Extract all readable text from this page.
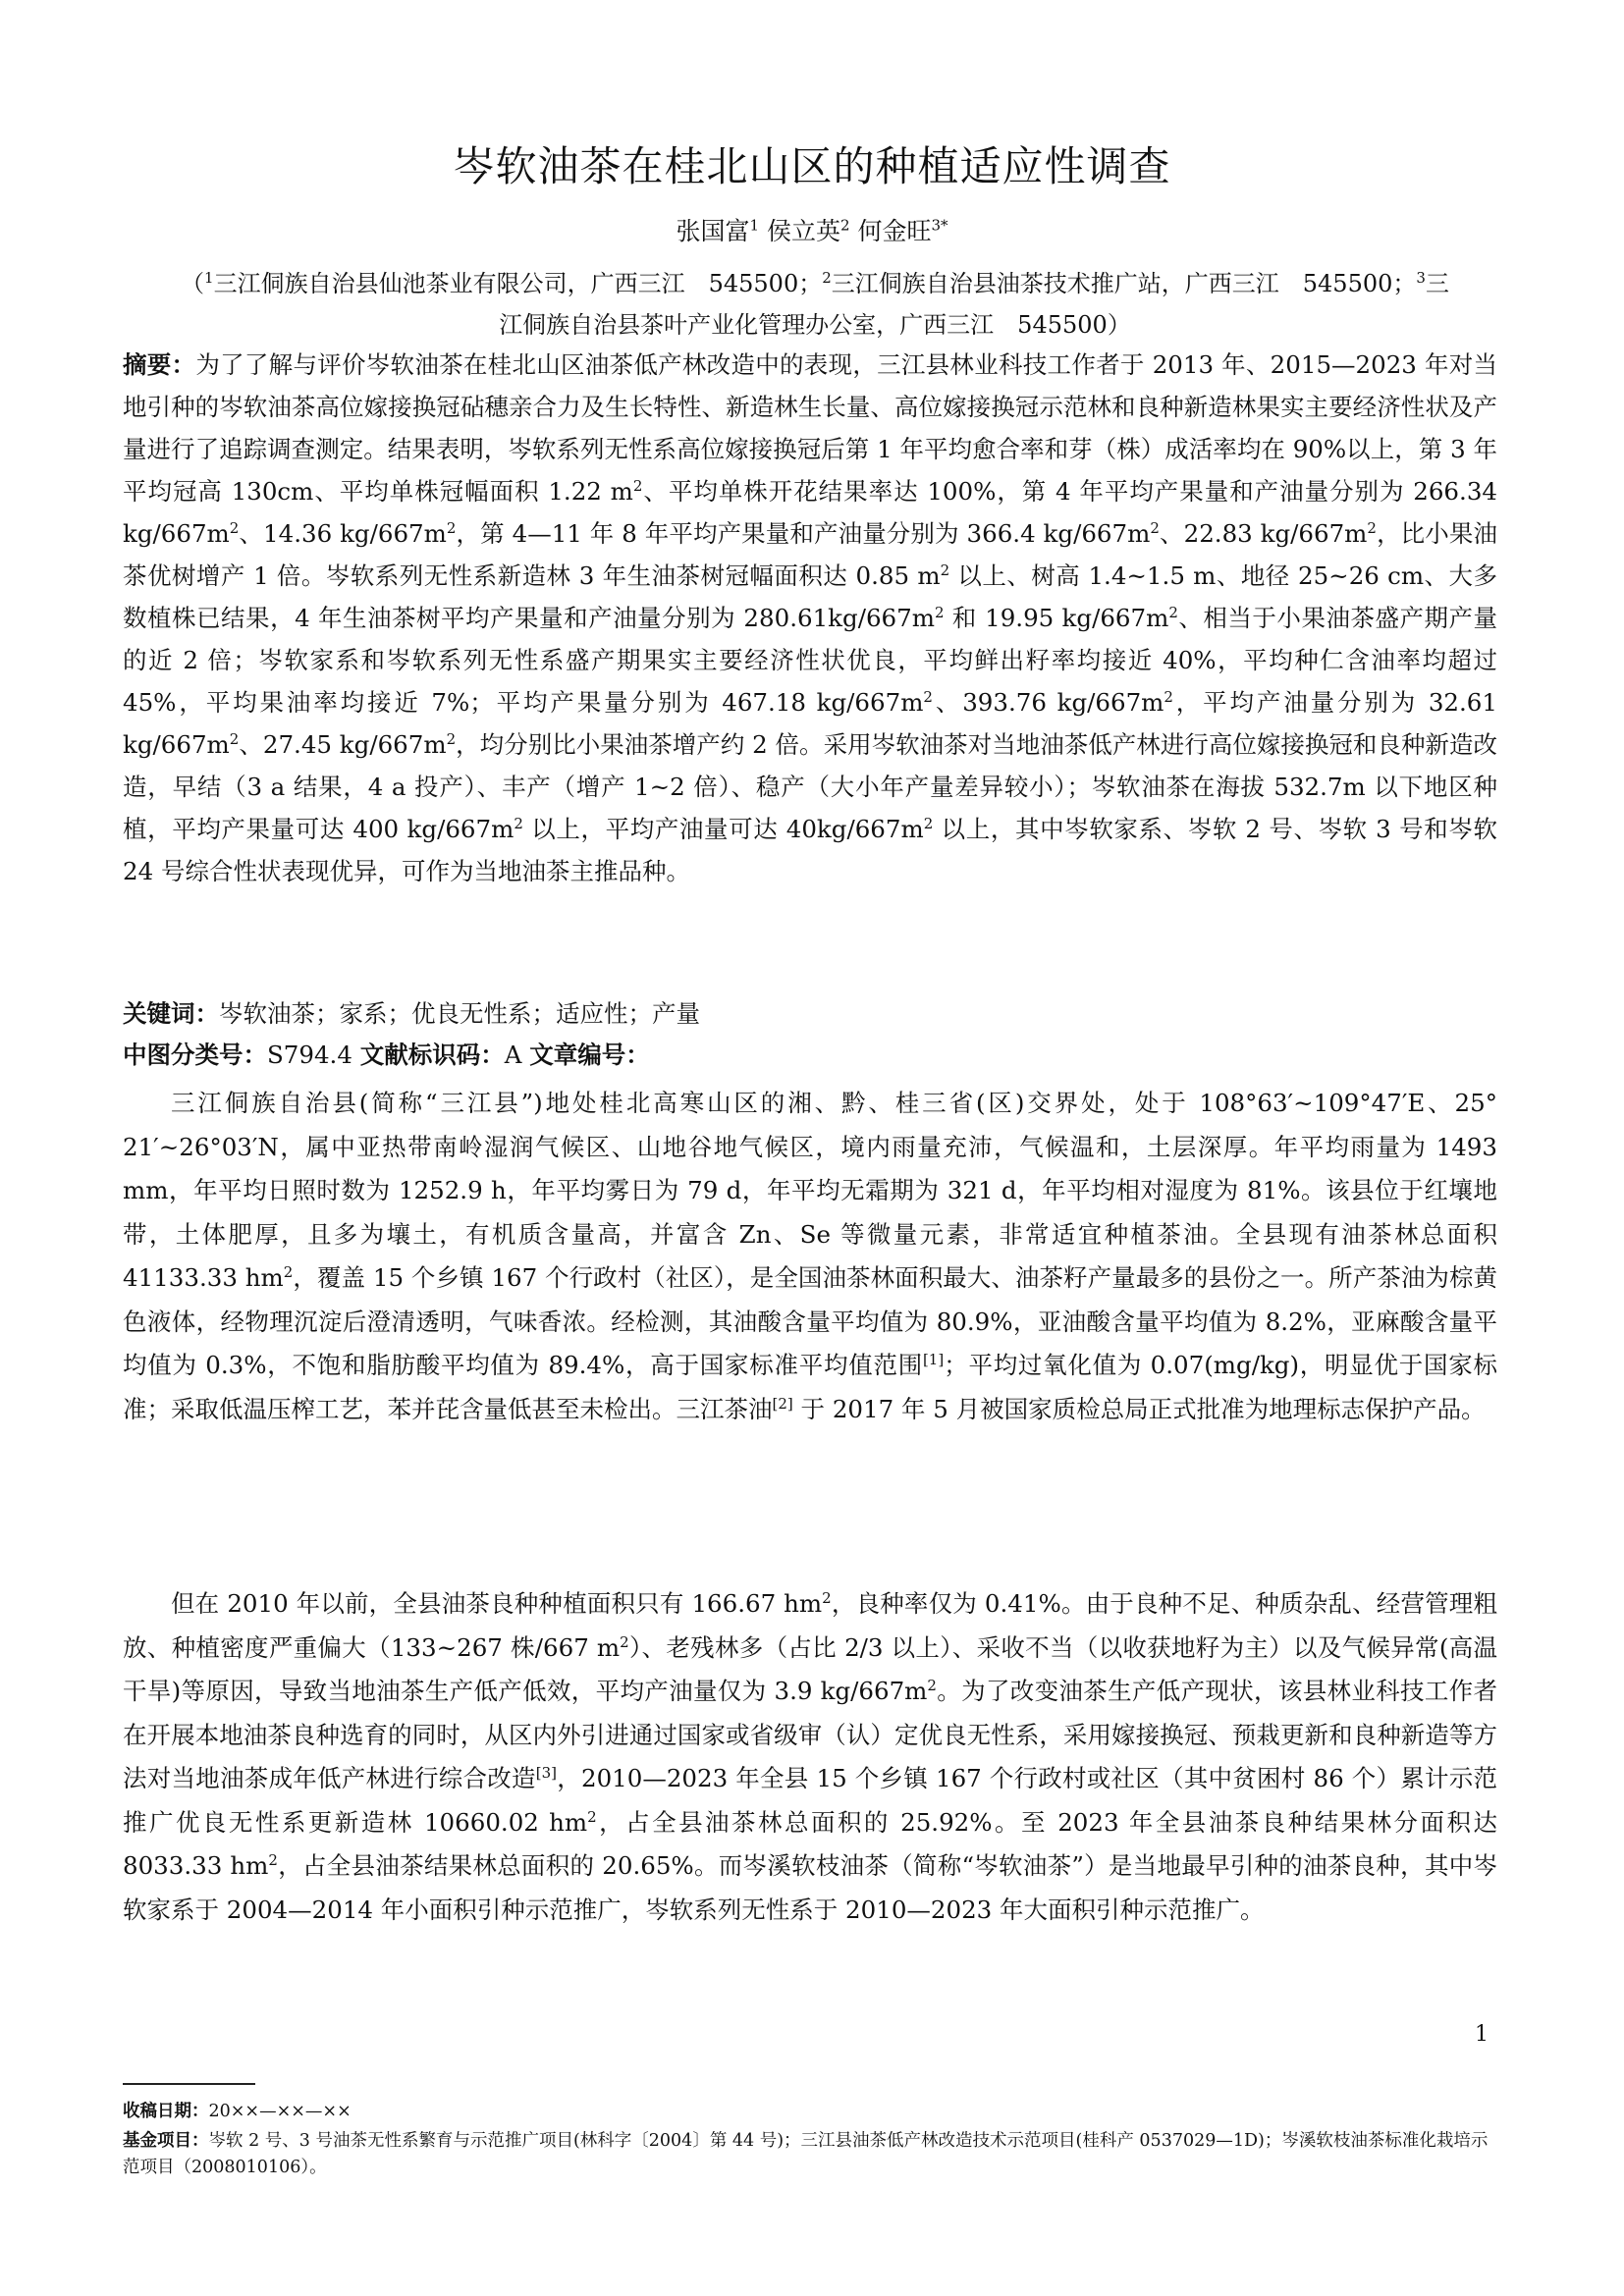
岑软油茶在桂北山区的种植适应性调查
张国富$^1$ 侯立英$^2$ 何金旺$^{3*}$
（$^1$三江侗族自治县仙池茶业有限公司，广西三江　545500；$^2$三江侗族自治县油茶技术推广站，广西三江　545500；$^3$三江侗族自治县茶叶产业化管理办公室，广西三江　545500）
摘要：为了了解与评价岑软油茶在桂北山区油茶低产林改造中的表现，三江县林业科技工作者于 2013 年、2015—2023 年对当地引种的岑软油茶高位嫁接换冠砧穗亲合力及生长特性、新造林生长量、高位嫁接换冠示范林和良种新造林果实主要经济性状及产量进行了追踪调查测定。结果表明，岑软系列无性系高位嫁接换冠后第 1 年平均愈合率和芽（株）成活率均在 90%以上，第 3 年平均冠高 130cm、平均单株冠幅面积 1.22 $m^2$、平均单株开花结果率达 100%，第 4 年平均产果量和产油量分别为 266.34 $kg/667m^2$、14.36 $kg/667m^2$，第 4—11 年 8 年平均产果量和产油量分别为 366.4 $kg/667m^2$、22.83 $kg/667m^2$，比小果油茶优树增产 1 倍。岑软系列无性系新造林 3 年生油茶树冠幅面积达 0.85 $m^2$ 以上、树高 1.4~1.5 m、地径 25~26 cm、大多数植株已结果，4 年生油茶树平均产果量和产油量分别为 $280.61kg/667m^2$ 和 19.95 $kg/667m^2$、相当于小果油茶盛产期产量的近 2 倍；岑软家系和岑软系列无性系盛产期果实主要经济性状优良，平均鲜出籽率均接近 40%，平均种仁含油率均超过 45%，平均果油率均接近 7%；平均产果量分别为 467.18 $kg/667m^2$、393.76 $kg/667m^2$，平均产油量分别为 32.61 $kg/667m^2$、27.45 $kg/667m^2$，均分别比小果油茶增产约 2 倍。采用岑软油茶对当地油茶低产林进行高位嫁接换冠和良种新造改造，早结（3 a 结果，4 a 投产）、丰产（增产 1~2 倍）、稳产（大小年产量差异较小）；岑软油茶在海拔 532.7m 以下地区种植，平均产果量可达 400 $kg/667m^2$ 以上，平均产油量可达 $40kg/667m^2$ 以上，其中岑软家系、岑软 2 号、岑软 3 号和岑软 24 号综合性状表现优异，可作为当地油茶主推品种。
关键词：岑软油茶；家系；优良无性系；适应性；产量
中图分类号：S794.4 文献标识码：A 文章编号：
三江侗族自治县(简称“三江县”)地处桂北高寒山区的湘、黔、桂三省(区)交界处，处于 108°63′~109°47′E、25° 21′~26°03′N，属中亚热带南岭湿润气候区、山地谷地气候区，境内雨量充沛，气候温和，土层深厚。年平均雨量为 1493 mm，年平均日照时数为 1252.9 h，年平均雾日为 79 d，年平均无霜期为 321 d，年平均相对湿度为 81%。该县位于红壤地带，土体肥厚，且多为壤土，有机质含量高，并富含 Zn、Se 等微量元素，非常适宜种植茶油。全县现有油茶林总面积 41133.33 $hm^2$，覆盖 15 个乡镇 167 个行政村（社区），是全国油茶林面积最大、油茶籽产量最多的县份之一。所产茶油为棕黄色液体，经物理沉淀后澄清透明，气味香浓。经检测，其油酸含量平均值为 80.9%，亚油酸含量平均值为 8.2%，亚麻酸含量平均值为 0.3%，不饱和脂肪酸平均值为 89.4%，高于国家标准平均值范围[1]；平均过氧化值为 0.07(mg/kg)，明显优于国家标准；采取低温压榨工艺，苯并芘含量低甚至未检出。三江茶油[2] 于 2017 年 5 月被国家质检总局正式批准为地理标志保护产品。
但在 2010 年以前，全县油茶良种种植面积只有 166.67 $hm^2$，良种率仅为 0.41%。由于良种不足、种质杂乱、经营管理粗放、种植密度严重偏大（133~267 株/667 $m^2$）、老残林多（占比 2/3 以上）、采收不当（以收获地籽为主）以及气候异常(高温干旱)等原因，导致当地油茶生产低产低效，平均产油量仅为 3.9 $kg/667m^2$。为了改变油茶生产低产现状，该县林业科技工作者在开展本地油茶良种选育的同时，从区内外引进通过国家或省级审（认）定优良无性系，采用嫁接换冠、预栽更新和良种新造等方法对当地油茶成年低产林进行综合改造[3]，2010—2023 年全县 15 个乡镇 167 个行政村或社区（其中贫困村 86 个）累计示范推广优良无性系更新造林 10660.02 $hm^2$，占全县油茶林总面积的 25.92%。至 2023 年全县油茶良种结果林分面积达 8033.33 $hm^2$，占全县油茶结果林总面积的 20.65%。而岑溪软枝油茶（简称“岑软油茶”）是当地最早引种的油茶良种，其中岑软家系于 2004—2014 年小面积引种示范推广，岑软系列无性系于 2010—2023 年大面积引种示范推广。
1
收稿日期：20××—××—××
基金项目：岑软 2 号、3 号油茶无性系繁育与示范推广项目(林科字〔2004〕第 44 号)；三江县油茶低产林改造技术示范项目(桂科产 0537029—1D)；岑溪软枝油茶标准化栽培示范项目（2008010106）。
